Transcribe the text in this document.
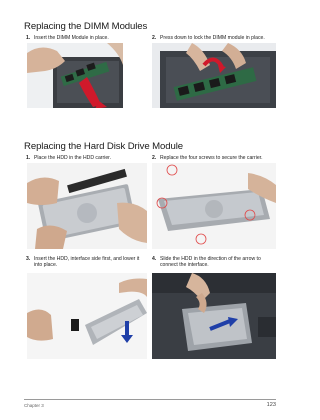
Replacing the DIMM Modules
1. Insert the DIMM Module in place.	2. Press down to lock the DIMM module in place.
Replacing the Hard Disk Drive Module
1. Place the HDD in the HDD carrier.	2. Replace the four screws to secure the carrier.
3. Insert the HDD, interface side first, and lower it into place.
4. Slide the HDD in the direction of the arrow to connect the interface.
Chapter 3	123
